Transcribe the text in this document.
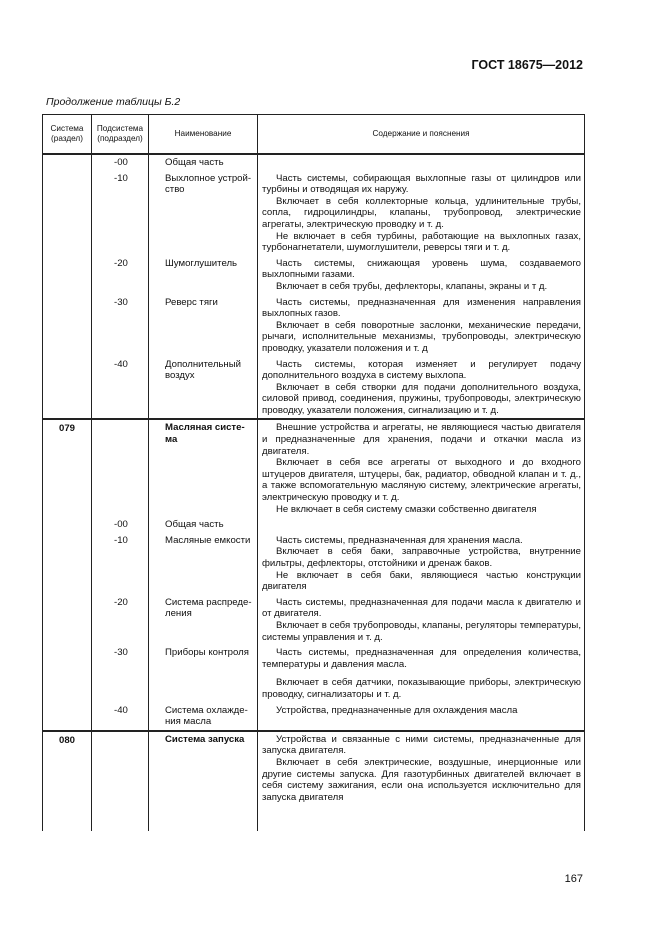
ГОСТ 18675—2012
Продолжение таблицы Б.2
Система (раздел)	Подсистема (подраздел)	Наименование	Содержание и пояснения
	-00	Общая часть	
	-10	Выхлопное устрой- ство	Часть системы, собирающая выхлопные газы от цилиндров или турбины и отводящая их наружу.

Включает в себя коллекторные кольца, удлинительные трубы, сопла, гидроцилиндры, клапаны, трубопровод, электрические агрегаты, электрическую проводку и т. д.

Не включает в себя турбины, работающие на выхлопных газах, турбонагнетатели, шумоглушители, реверсы тяги и т. д.

	-20	Шумоглушитель	Часть системы, снижающая уровень шума, создаваемого выхлопными газами.

Включает в себя трубы, дефлекторы, клапаны, экраны и т д.

	-30	Реверс тяги	Часть системы, предназначенная для изменения направления выхлопных газов.

Включает в себя поворотные заслонки, механические передачи, рычаги, исполнительные механизмы, трубопроводы, электрическую проводку, указатели положения и т. д

	-40	Дополнительный воздух	Часть системы, которая изменяет и регулирует подачу дополнительного воздуха в систему выхлопа.

Включает в себя створки для подачи дополнительного воздуха, силовой привод, соединения, пружины, трубопроводы, электрическую проводку, указатели положения, сигнализацию и т. д.

079		Масляная систе- ма	Внешние устройства и агрегаты, не являющиеся частью двигателя и предназначенные для хранения, подачи и откачки масла из двигателя.

Включает в себя все агрегаты от выходного и до входного штуцеров двигателя, штуцеры, бак, радиатор, обводной клапан и т. д., а также вспомогательную масляную систему, электрические агрегаты, электрическую проводку и т. д.

Не включает в себя систему смазки собственно двигателя

	-00	Общая часть	
	-10	Масляные емкости	Часть системы, предназначенная для хранения масла.

Включает в себя баки, заправочные устройства, внутренние фильтры, дефлекторы, отстойники и дренаж баков.

Не включает в себя баки, являющиеся частью конструкции двигателя

	-20	Система распреде- ления	Часть системы, предназначенная для подачи масла к двигателю и от двигателя.

Включает в себя трубопроводы, клапаны, регуляторы температуры, системы управления и т. д.

	-30	Приборы контроля	Часть системы, предназначенная для определения количества, температуры и давления масла.

Включает в себя датчики, показывающие приборы, электрическую проводку, сигнализаторы и т. д.

	-40	Система охлажде- ния масла	Устройства, предназначенные для охлаждения масла

080		Система запуска	Устройства и связанные с ними системы, предназначенные для запуска двигателя.

Включает в себя электрические, воздушные, инерционные или другие системы запуска. Для газотурбинных двигателей включает в себя систему зажигания, если она используется исключительно для запуска двигателя

167
